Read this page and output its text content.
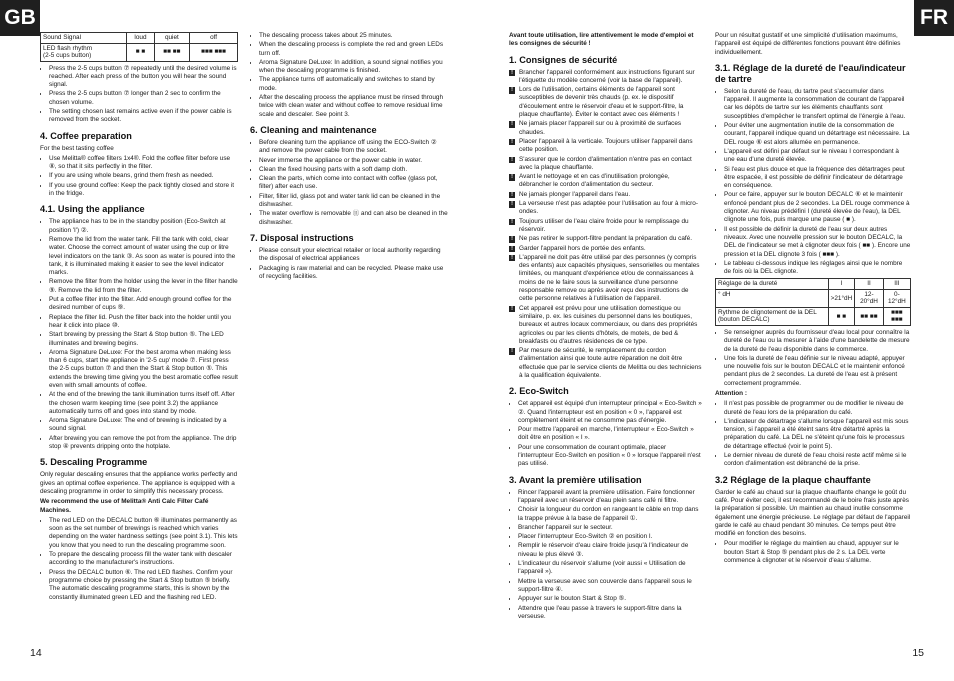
GB	FR
Sound Signal	loud	quiet	off
LED flash rhythm
(2-5 cups button)	■ ■	■■ ■■	■■■ ■■■
• Press the 2-5 cups button ⑦ repeatedly until the desired volume is reached. After each press of the button you will hear the sound signal.
• Press the 2-5 cups button ⑦ longer than 2 sec to confirm the chosen volume.
• The setting chosen last remains active even if the power cable is removed from the socket.
4. Coffee preparation

For the best tasting coffee

• Use Melitta® coffee filters 1x4®. Fold the coffee filter before use ⑧, so that it sits perfectly in the filter.
• If you are using whole beans, grind them fresh as needed.
• If you use ground coffee: Keep the pack tightly closed and store it in the fridge.
4.1. Using the appliance
• The appliance has to be in the standby position (Eco-Switch at position 'I') ②.
• Remove the lid from the water tank. Fill the tank with cold, clear water. Choose the correct amount of water using the cup or litre level indicators on the tank ③. As soon as water is poured into the tank, it is illuminated making it easier to see the level indicator marks.
• Remove the filter from the holder using the lever in the filter handle ⑨. Remove the lid from the filter.
• Put a coffee filter into the filter. Add enough ground coffee for the desired number of cups ⑨.
• Replace the filter lid. Push the filter back into the holder until you hear it click into place ⑩.
• Start brewing by pressing the Start & Stop button ⑤. The LED illuminates and brewing begins.
• Aroma Signature DeLuxe: For the best aroma when making less than 6 cups, start the appliance in '2-5 cup' mode ⑦. First press the 2-5 cups button ⑦ and then the Start & Stop button ⑤. This extends the brewing time giving you the best aromatic coffee result even with small amounts of coffee.
• At the end of the brewing the tank illumination turns itself off. After the chosen warm keeping time (see point 3.2) the appliance automatically turns off and goes into stand by mode.
• Aroma Signature DeLuxe: The end of brewing is indicated by a sound signal.
• After brewing you can remove the pot from the appliance. The drip stop ④ prevents dripping onto the hotplate.
5. Descaling Programme

Only regular descaling ensures that the appliance works perfectly and gives an optimal coffee experience. The appliance is equipped with a descaling programme in order to simplify this necessary process.

We recommend the use of Melitta® Anti Calc Filter Café Machines.

• The red LED on the DECALC button ⑥ illuminates permanently as soon as the set number of brewings is reached which varies depending on the water hardness settings (see point 3.1). This lets you know that you need to run the descaling programme soon.
• To prepare the descaling process fill the water tank with descaler according to the manufacturer's instructions.
• Press the DECALC button ⑥. The red LED flashes. Confirm your programme choice by pressing the Start & Stop button ⑤ briefly. The automatic descaling programme starts, this is shown by the constantly illuminated green LED and the flashing red LED.
• The descaling process takes about 25 minutes.
• When the descaling process is complete the red and green LEDs turn off.
• Aroma Signature DeLuxe: In addition, a sound signal notifies you when the descaling programme is finished.
• The appliance turns off automatically and switches to stand by mode.
• After the descaling process the appliance must be rinsed through twice with clean water and without coffee to remove residual lime scale and descaler. See point 3.
6. Cleaning and maintenance
• Before cleaning turn the appliance off using the ECO-Switch ② and remove the power cable from the socket.
• Never immerse the appliance or the power cable in water.
• Clean the fixed housing parts with a soft damp cloth.
• Clean the parts, which come into contact with coffee (glass pot, filter) after each use.
• Filter, filter lid, glass pot and water tank lid can be cleaned in the dishwasher.
• The water overflow is removable ⑪ and can also be cleaned in the dishwasher.
7. Disposal instructions
• Please consult your electrical retailer or local authority regarding the disposal of electrical appliances
• Packaging is raw material and can be recycled. Please make use of recycling facilities.

Avant toute utilisation, lire attentivement le mode d'emploi et les consignes de sécurité !

1. Consignes de sécurité
! Brancher l'appareil conformément aux instructions figurant sur l'étiquette du modèle concerné (voir la base de l'appareil).
! Lors de l'utilisation, certains éléments de l'appareil sont susceptibles de devenir très chauds (p. ex. le dispositif d'écoulement entre le réservoir d'eau et le support-filtre, la plaque chauffante). Éviter le contact avec ces éléments !
! Ne jamais placer l'appareil sur ou à proximité de surfaces chaudes.
! Placer l'appareil à la verticale. Toujours utiliser l'appareil dans cette position.
! S'assurer que le cordon d'alimentation n'entre pas en contact avec la plaque chauffante.
! Avant le nettoyage et en cas d'inutilisation prolongée, débrancher le cordon d'alimentation du secteur.
! Ne jamais plonger l'appareil dans l'eau.
! La verseuse n'est pas adaptée pour l'utilisation au four à micro-ondes.
! Toujours utiliser de l'eau claire froide pour le remplissage du réservoir.
! Ne pas retirer le support-filtre pendant la préparation du café.
! Garder l'appareil hors de portée des enfants.
! L'appareil ne doit pas être utilisé par des personnes (y compris des enfants) aux capacités physiques, sensorielles ou mentales limitées, ou manquant d'expérience et/ou de connaissances à moins de ne le faire sous la surveillance d'une personne responsable remove ou après avoir reçu des instructions de cette personne relatives à l'utilisation de l'appareil.
! Cet appareil est prévu pour une utilisation domestique ou similaire, p. ex. les cuisines du personnel dans les boutiques, bureaux et autres locaux commerciaux, ou dans des propriétés agricoles ou par les clients d'hôtels, de motels, de bed & breakfasts ou d'autres résidences de ce type.
! Par mesure de sécurité, le remplacement du cordon d'alimentation ainsi que toute autre réparation ne doit être effectuée que par le service clients de Melitta ou des techniciens à la qualification équivalente.
2. Eco-Switch
• Cet appareil est équipé d'un interrupteur principal « Eco-Switch » ②. Quand l'interrupteur est en position « 0 », l'appareil est complètement éteint et ne consomme pas d'énergie.
• Pour mettre l'appareil en marche, l'interrupteur « Eco-Switch » doit être en position « I ».
• Pour une consommation de courant optimale, placer l'interrupteur Eco-Switch en position « 0 » lorsque l'appareil n'est pas utilisé.
3. Avant la première utilisation
• Rincer l'appareil avant la première utilisation. Faire fonctionner l'appareil avec un réservoir d'eau plein sans café ni filtre.
• Choisir la longueur du cordon en rangeant le câble en trop dans la trappe prévue à la base de l'appareil ①.
• Brancher l'appareil sur le secteur.
• Placer l'interrupteur Eco-Switch ② en position I.
• Remplir le réservoir d'eau claire froide jusqu'à l'indicateur de niveau le plus élevé ③.
• L'indicateur du réservoir s'allume (voir aussi « Utilisation de l'appareil »).
• Mettre la verseuse avec son couvercle dans l'appareil sous le support-filtre ④.
• Appuyer sur le bouton Start & Stop ⑤.
• Attendre que l'eau passe à travers le support-filtre dans la verseuse.

Pour un résultat gustatif et une simplicité d'utilisation maximums, l'appareil est équipé de différentes fonctions pouvant être définies individuellement.

3.1. Réglage de la dureté de l'eau/indicateur de tartre
• Selon la dureté de l'eau, du tartre peut s'accumuler dans l'appareil. Il augmente la consommation de courant de l'appareil car les dépôts de tartre sur les éléments chauffants sont susceptibles d'empêcher le transfert optimal de l'énergie à l'eau.
• Pour éviter une augmentation inutile de la consommation de courant, l'appareil indique quand un détartrage est nécessaire. La DEL rouge ⑥ est alors allumée en permanence.
• L'appareil est défini par défaut sur le niveau I correspondant à une eau d'une dureté élevée.
• Si l'eau est plus douce et que la fréquence des détartrages peut être espacée, il est possible de définir l'indicateur de détartrage en conséquence.
• Pour ce faire, appuyer sur le bouton DECALC ⑥ et le maintenir enfoncé pendant plus de 2 secondes. La DEL rouge commence à clignoter. Au niveau prédéfini I (dureté élevée de l'eau), la DEL clignote une fois, puis marque une pause ( ■ ).
• Il est possible de définir la dureté de l'eau sur deux autres niveaux. Avec une nouvelle pression sur le bouton DECALC, la DEL de l'indicateur se met à clignoter deux fois ( ■■ ). Encore une pression et la DEL clignote 3 fois ( ■■■ ).
• Le tableau ci-dessous indique les réglages ainsi que le nombre de fois où la DEL clignote.
Réglage de la dureté	I	II	III
° dH	>21°dH	12-20°dH	0-12°dH
Rythme de clignotement de la DEL (bouton DECALC)	■ ■	■■ ■■	■■■ ■■■
• Se renseigner auprès du fournisseur d'eau local pour connaître la dureté de l'eau ou la mesurer à l'aide d'une bandelette de mesure de la dureté de l'eau disponible dans le commerce.
• Une fois la dureté de l'eau définie sur le niveau adapté, appuyer une nouvelle fois sur le bouton DECALC et le maintenir enfoncé pendant plus de 2 secondes. La dureté de l'eau est à présent correctement programmée.

Attention :

• Il n'est pas possible de programmer ou de modifier le niveau de dureté de l'eau lors de la préparation du café.
• L'indicateur de détartrage s'allume lorsque l'appareil est mis sous tension, si l'appareil a été éteint sans être détartré après la préparation du café. La DEL ne s'éteint qu'une fois le processus de détartrage effectué (voir le point 5).
• Le dernier niveau de dureté de l'eau choisi reste actif même si le cordon d'alimentation est débranché de la prise.
3.2 Réglage de la plaque chauffante

Garder le café au chaud sur la plaque chauffante change le goût du café. Pour éviter ceci, il est recommandé de le boire frais juste après la préparation si possible. Un maintien au chaud inutile consomme également une énergie précieuse. Le réglage par défaut de l'appareil garde le café au chaud pendant 30 minutes. Ce temps peut être modifié en fonction des besoins.

• Pour modifier le réglage du maintien au chaud, appuyer sur le bouton Start & Stop ⑤ pendant plus de 2 s. La DEL verte commence à clignoter et le réservoir d'eau s'allume.
14	15
